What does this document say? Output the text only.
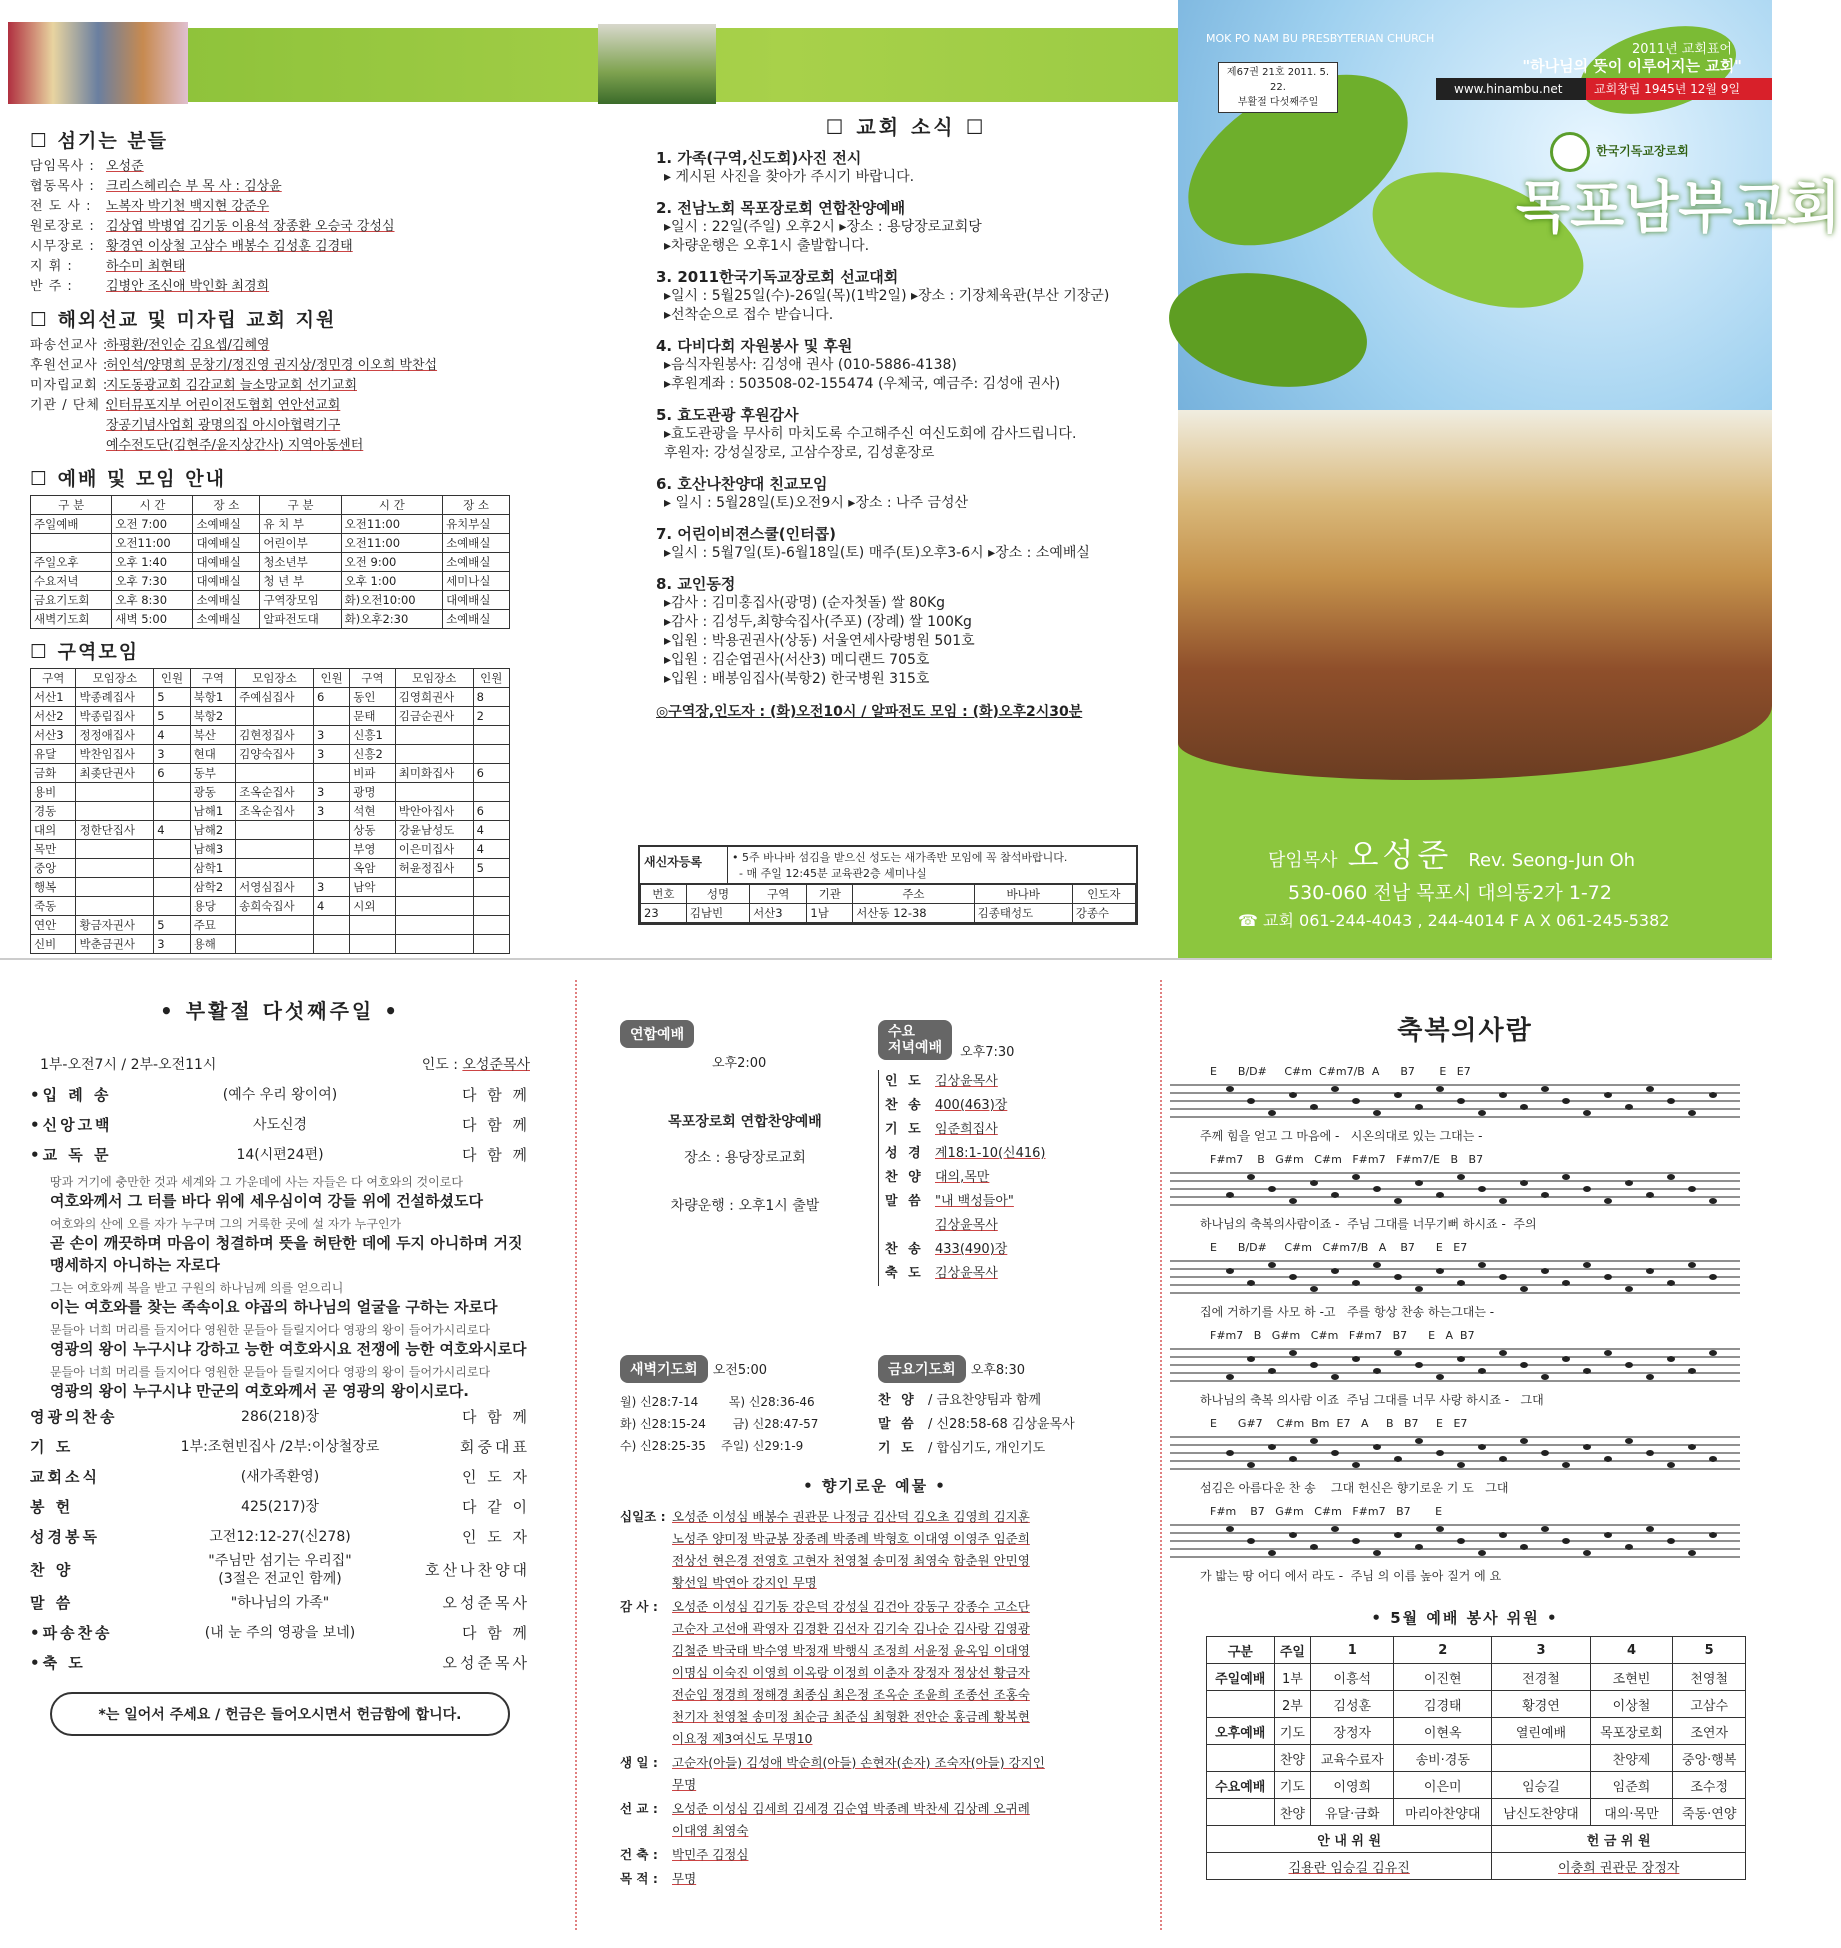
☐ 섬기는 분들
담임목사 : 오성준
협동목사 : 크리스헤리슨 부 목 사 : 김상윤
전 도 사 : 노복자 박기천 백지현 강준우
원로장로 : 김상엽 박병엽 김기동 이용석 장종환 오승국 강성심
시무장로 : 황경연 이상철 고삼수 배봉수 김성훈 김경태
지 휘 :	하수미 최현태
반 주 :	김병안 조신애 박인화 최경희
☐ 해외선교 및 미자립 교회 지원
파송선교사 :하평환/전인순 김요셉/김혜영
후원선교사 :허인석/양명희 문창기/정진영 권지상/정민경 이오희 박찬섭
미자립교회 :지도동광교회 김감교회 늘소망교회 선기교회
기관 / 단체 :인터뮤포지부 어린이전도협회 연안선교회
장공기념사업회 광명의집 아시아협력기구
예수전도단(김현주/윤지상간사) 지역아동센터
☐ 예배 및 모임 안내
구 분	시 간	장 소	구 분	시 간	장 소
주일예배	오전 7:00	소예배실	유 치 부	오전11:00	유치부실
	오전11:00	대예배실	어린이부	오전11:00	소예배실
주일오후	오후 1:40	대예배실	청소년부	오전 9:00	소예배실
수요저녁	오후 7:30	대예배실	청 년 부	오후 1:00	세미나실
금요기도회	오후 8:30	소예배실	구역장모임	화)오전10:00	대예배실
새벽기도회	새벽 5:00	소예배실	알파전도대	화)오후2:30	소예배실
☐ 구역모임
구역	모임장소	인원	구역	모임장소	인원	구역	모임장소	인원
서산1	박종례집사	5	북항1	주예심집사	6	동인	김영희권사	8
서산2	박종림집사	5	북항2			문태	김금순권사	2
서산3	정정애집사	4	북산	김현정집사	3	신흥1		
유달	박찬임집사	3	현대	김양숙집사	3	신흥2		
금화	최좆단권사	6	동부			비파	최미화집사	6
용비			광동	조옥순집사	3	광명		
경동			남해1	조옥순집사	3	석현	박안아집사	6
대의	정한단집사	4	남해2			상동	강윤남성도	4
목만			남해3			부영	이은미집사	4
중앙			삼학1			옥암	허윤정집사	5
행복			삼학2	서영심집사	3	남악		
죽동			용당	송희숙집사	4	시외		
연안	황금자권사	5	주묘					
신비	박춘금권사	3	용해					
☐ 교회 소식 ☐
1. 가족(구역,신도회)사진 전시
▸ 게시된 사진을 찾아가 주시기 바랍니다.
2. 전남노회 목포장로회 연합찬양예배
▸일시 : 22일(주일) 오후2시 ▸장소 : 용당장로교회당
▸차량운행은 오후1시 출발합니다.
3. 2011한국기독교장로회 선교대회
▸일시 : 5월25일(수)-26일(목)(1박2일) ▸장소 : 기장체육관(부산 기장군)
▸선착순으로 접수 받습니다.
4. 다비다회 자원봉사 및 후원
▸음식자원봉사: 김성애 권사 (010-5886-4138)
▸후원계좌 : 503508-02-155474 (우체국, 예금주: 김성애 권사)
5. 효도관광 후원감사
▸효도관광을 무사히 마치도록 수고해주신 여신도회에 감사드립니다.
후원자: 강성실장로, 고삼수장로, 김성훈장로
6. 호산나찬양대 친교모임
▸ 일시 : 5월28일(토)오전9시 ▸장소 : 나주 금성산
7. 어린이비젼스쿨(인터콥)
▸일시 : 5월7일(토)-6월18일(토) 매주(토)오후3-6시 ▸장소 : 소예배실
8. 교인동정
▸감사 : 김미홍집사(광명) (순자첫돌) 쌀 80Kg
▸감사 : 김성두,최향숙집사(주포) (장례) 쌀 100Kg
▸입원 : 박용권권사(상동) 서울연세사랑병원 501호
▸입원 : 김순엽권사(서산3) 메디랜드 705호
▸입원 : 배봉임집사(북항2) 한국병원 315호
◎구역장,인도자 : (화)오전10시 / 알파전도 모임 : (화)오후2시30분
새신자등록	• 5주 바나바 섬김을 받으신 성도는 새가족반 모임에 꼭 참석바랍니다.
- 매 주일 12:45분 교육관2층 세미나실
번호	성명	구역	기관	주소	바나바	인도자
23	김남빈	서산3	1남	서산동 12-38	김종태성도	강종수
MOK PO NAM BU PRESBYTERIAN CHURCH
2011년 교회표어
"하나님의 뜻이 이루어지는 교회"
제67권 21호 2011. 5. 22.
부활절 다섯째주일
www.hinambu.net	교회창립 1945년 12월 9일
한국기독교장로회
목포남부교회
담임목사 오성준 Rev. Seong-Jun Oh
530-060 전남 목포시 대의동2가 1-72
☎ 교회 061-244-4043 , 244-4014 F A X 061-245-5382
• 부활절 다섯째주일 •
1부-오전7시 / 2부-오전11시	인도 : 오성준목사
•입 례 송	(예수 우리 왕이여)	다 함 께
•신앙고백	사도신경	다 함 께
•교 독 문	14(시편24편)	다 함 께
땅과 거기에 충만한 것과 세계와 그 가운데에 사는 자들은 다 여호와의 것이로다
여호와께서 그 터를 바다 위에 세우심이여 강들 위에 건설하셨도다
여호와의 산에 오를 자가 누구며 그의 거룩한 곳에 설 자가 누구인가
곧 손이 깨끗하며 마음이 청결하며 뜻을 허탄한 데에 두지 아니하며 거짓 맹세하지 아니하는 자로다
그는 여호와께 복을 받고 구원의 하나님께 의를 얻으리니
이는 여호와를 찾는 족속이요 야곱의 하나님의 얼굴을 구하는 자로다
문들아 너희 머리를 들지어다 영원한 문들아 들릴지어다 영광의 왕이 들어가시리로다
영광의 왕이 누구시냐 강하고 능한 여호와시요 전쟁에 능한 여호와시로다
문들아 너희 머리를 들지어다 영원한 문들아 들릴지어다 영광의 왕이 들어가시리로다
영광의 왕이 누구시냐 만군의 여호와께서 곧 영광의 왕이시로다.
영광의찬송	286(218)장	다 함 께
기 도	1부:조현빈집사 /2부:이상철장로	회중대표
교회소식	(새가족환영)	인 도 자
봉 헌	425(217)장	다 같 이
성경봉독	고전12:12-27(신278)	인 도 자
찬 양	"주님만 섬기는 우리집"
(3절은 전교인 함께)	호산나찬양대
말 씀	"하나님의 가족"	오성준목사
•파송찬송	(내 눈 주의 영광을 보네)	다 함 께
•축 도	오성준목사
*는 일어서 주세요 / 헌금은 들어오시면서 헌금함에 합니다.
연합예배
오후2:00
목포장로회 연합찬양예배
장소 : 용당장로교회
차량운행 : 오후1시 출발
수요
저녁예배	오후7:30
인 도 김상윤목사
찬 송 400(463)장
기 도 임준희집사
성 경 계18:1-10(신416)
찬 양 대의,목만
말 씀 "내 백성들아"
김상윤목사
찬 송 433(490)장
축 도 김상윤목사
새벽기도회 오전5:00
월) 신28:7-14        목) 신28:36-46
화) 신28:15-24       금) 신28:47-57
수) 신28:25-35    주일) 신29:1-9
금요기도회 오후8:30
찬 양 / 금요찬양팀과 함께
말 씀 / 신28:58-68 김상윤목사
기 도 / 합심기도, 개인기도
• 향기로운 예물 •
십일조 : 오성준 이성심 배봉수 권관문 나정금 김산덕 김오초 김영희 김지훈
노성주 양미정 박균봉 장종례 박종례 박형호 이대영 이영주 임준희
전상선 현은경 전영호 고현자 천영철 송미정 최영숙 함춘원 안민영
황선일 박연아 강지인 무명
감 사 :	오성준 이성심 김기동 강은덕 강성실 김건아 강동구 강종수 고소단
고순자 고선애 곽영자 김경환 김선자 김기숙 김나순 김사랑 김영광
김철준 박국태 박수영 박정재 박행식 조정희 서윤정 윤옥임 이대영
이명심 이숙진 이영희 이옥랑 이정희 이춘자 장정자 정상선 황금자
전순임 정경희 정해경 최종심 최은정 조옥순 조윤희 조종선 조홍숙
천기자 천영철 송미정 최순금 최준심 최형환 전안순 홍금례 황복현
이요정 제3여신도 무명10
생 일 :	고순자(아들) 김성애 박순희(아들) 손현자(손자) 조숙자(아들) 강지인
무명
선 교 :	오성준 이성심 김세희 김세경 김순엽 박종례 박찬세 김상례 오귀례
이대영 최영숙
건 축 :	박민주 김정심
목 적 :	무명
축복의사람
E      B/D#     C#m  C#m7/B  A      B7       E   E7
주께 힘을 얻고 그 마음에 -   시온의대로 있는 그대는 -
F#m7    B   G#m   C#m   F#m7   F#m7/E   B   B7
하나님의 축복의사람이죠 -  주님 그대를 너무기뻐 하시죠 -  주의
E      B/D#     C#m   C#m7/B   A    B7      E   E7
집에 거하기를 사모 하 -고   주를 항상 찬송 하는그대는 -
F#m7   B   G#m   C#m   F#m7   B7      E   A  B7
하나님의 축복 의사람 이죠  주님 그대를 너무 사랑 하시죠 -   그대
E      G#7    C#m  Bm  E7   A     B   B7     E   E7
섬김은 아름다운 찬 송    그대 헌신은 향기로운 기 도   그대
F#m    B7   G#m   C#m   F#m7   B7       E
가 밟는 땅 어디 에서 라도 -  주님 의 이름 높아 질거 에 요
• 5월 예배 봉사 위원 •
구분	주일	1	2	3	4	5
주일예배	1부	이흥석	이진현	전경철	조현빈	천영철
	2부	김성훈	김경태	황경연	이상철	고삼수
오후예배	기도	장정자	이현옥	열린예배	목포장로회	조연자
	찬양	교육수료자	송비·경동		찬양제	중앙·행복
수요예배	기도	이영희	이은미	임승길	임준희	조수정
	찬양	유달·금화	마리아찬양대	남신도찬양대	대의·목만	죽동·연양
안 내 위 원				헌 금 위 원		
김용란 임승길 김유진				이충희 권관문 장정자		
